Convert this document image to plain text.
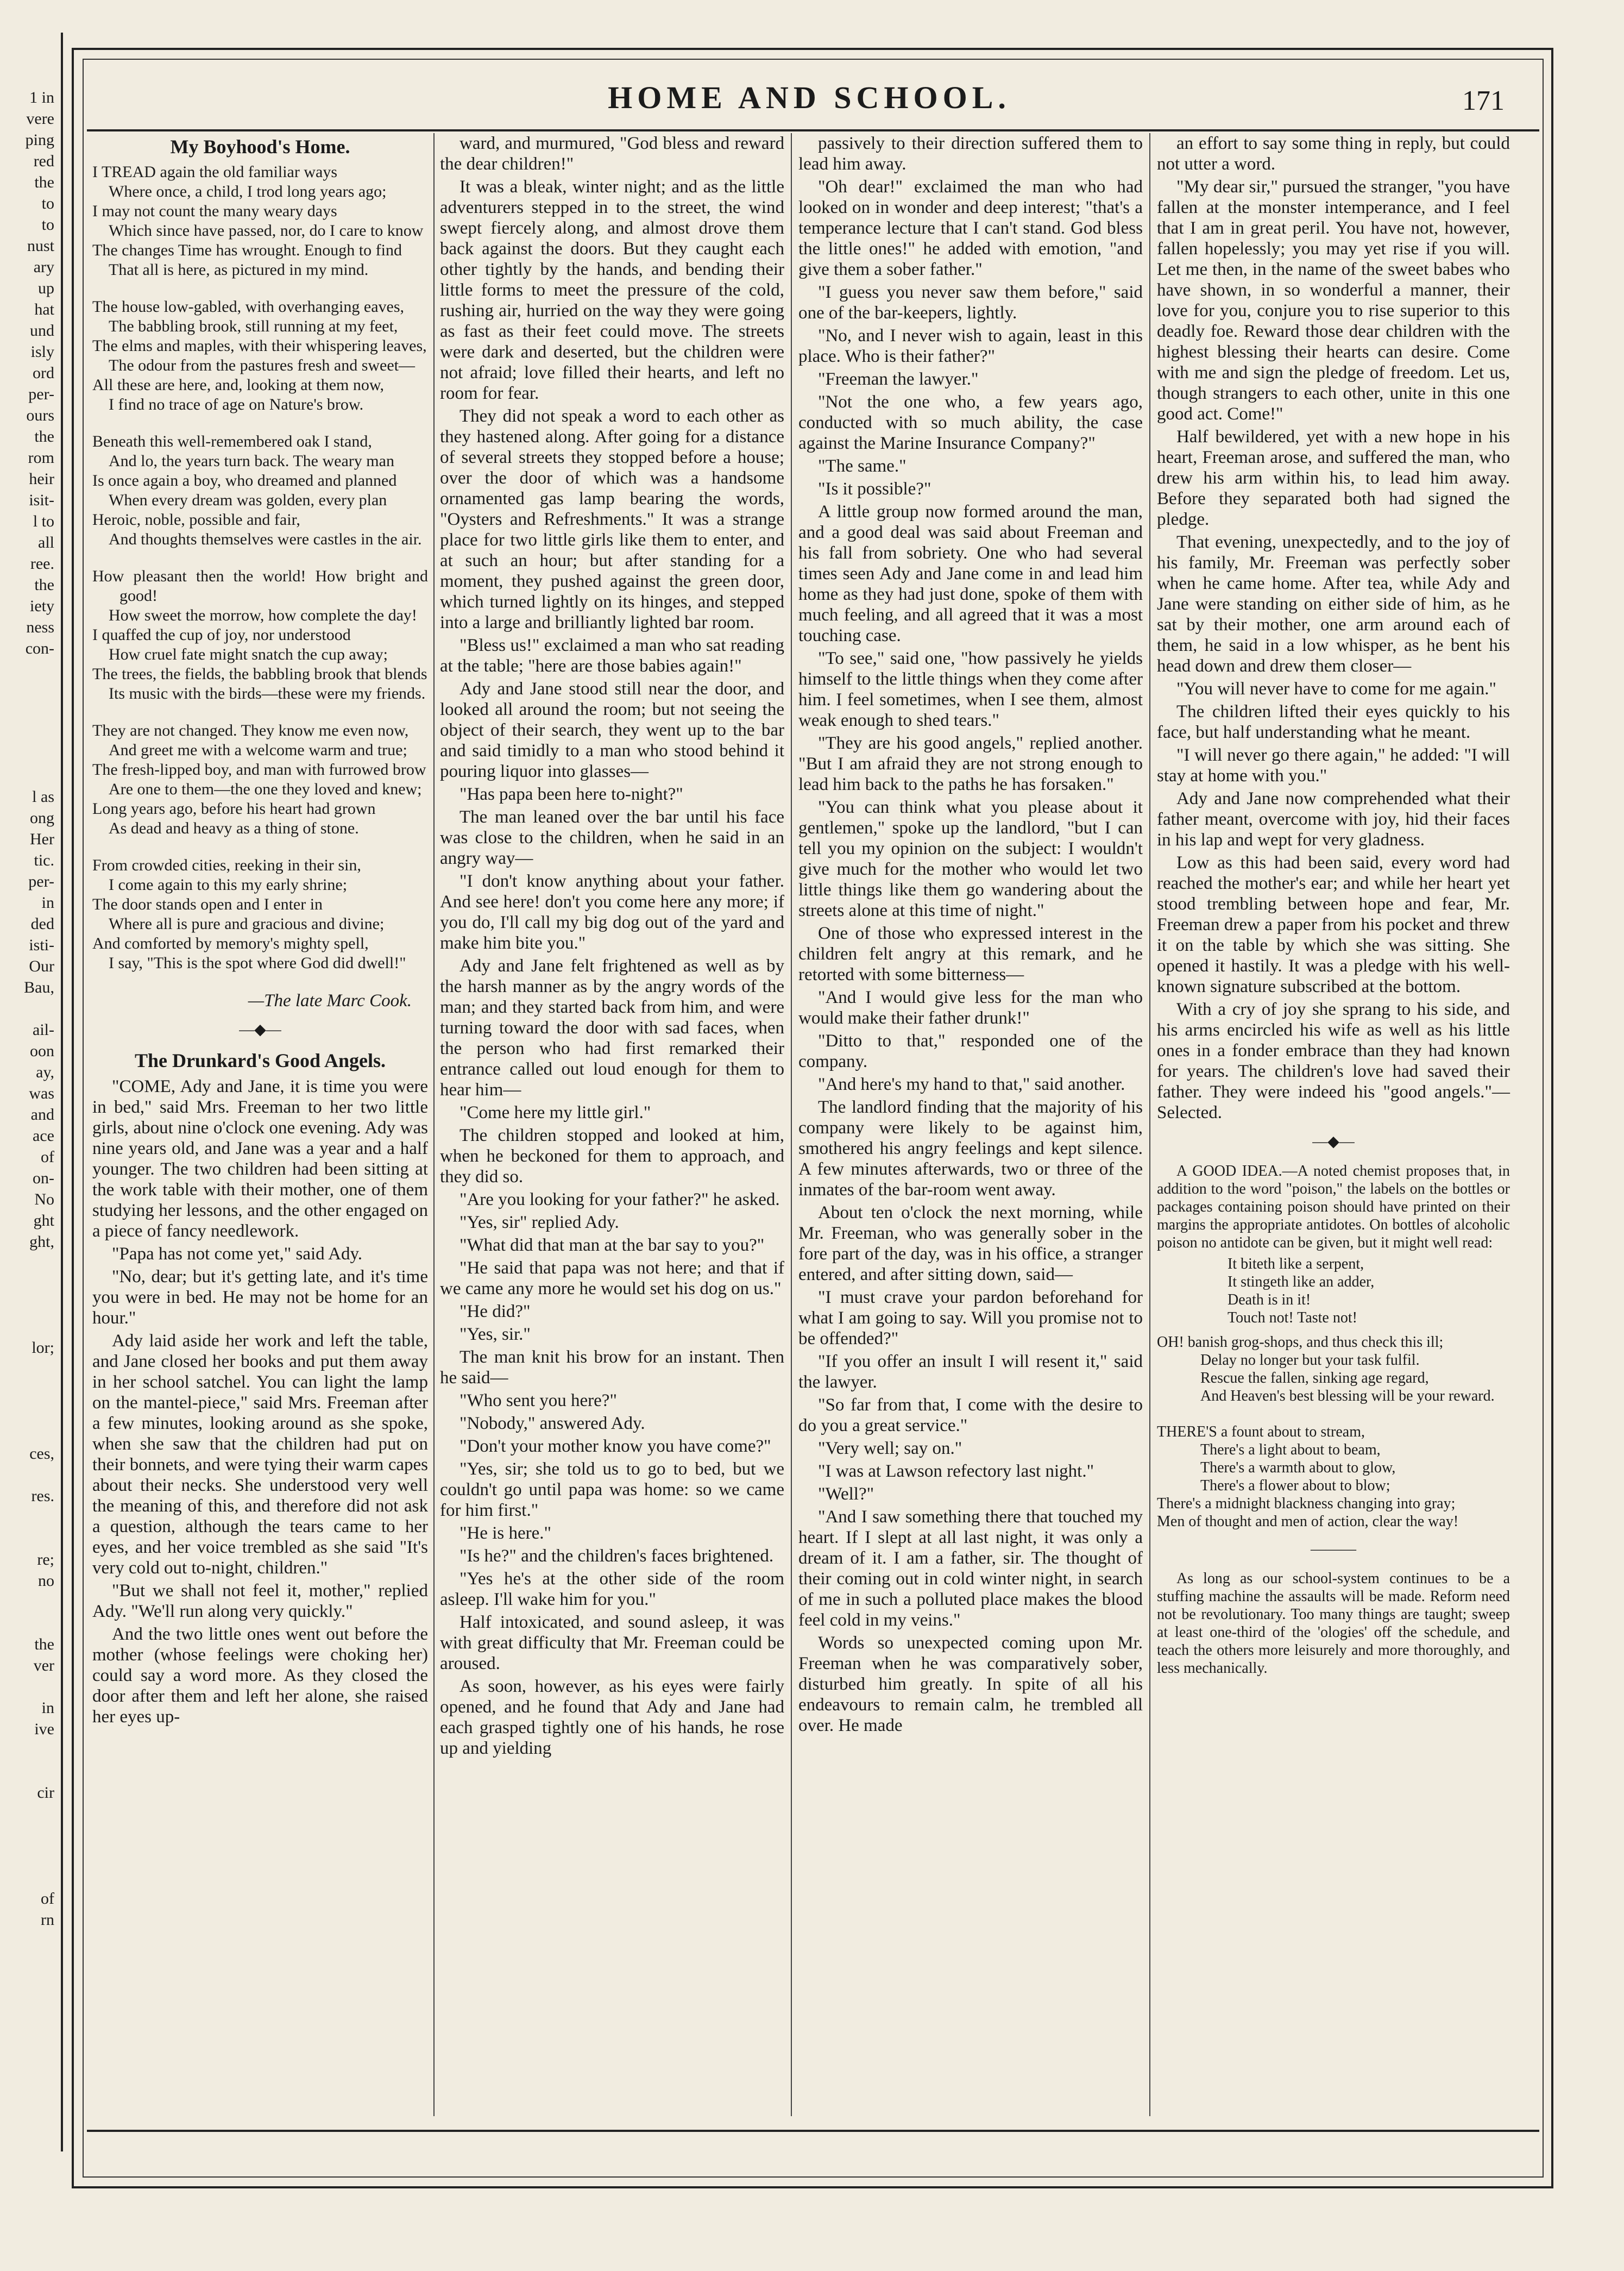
1 in
vere
ping
red
the
to
to
nust
ary
up
hat
und
isly
ord
per-
ours
the
rom
heir
isit-
l to
all
ree.
the
iety
ness
con-
l as
ong
Her
tic.
per-
in
ded
isti-
Our
Bau,
ail-
oon
ay,
was
and
ace
of
on-
No
ght
ght,
lor;
ces,
res.
re;
no
the
ver
in
ive
cir
of
rn
HOME AND SCHOOL.	171
My Boyhood's Home.
I TREAD again the old familiar ways
Where once, a child, I trod long years ago;
I may not count the many weary days
Which since have passed, nor, do I care to know
The changes Time has wrought. Enough to find
That all is here, as pictured in my mind.
The house low-gabled, with overhanging eaves,
The babbling brook, still running at my feet,
The elms and maples, with their whispering leaves,
The odour from the pastures fresh and sweet—
All these are here, and, looking at them now,
I find no trace of age on Nature's brow.
Beneath this well-remembered oak I stand,
And lo, the years turn back. The weary man
Is once again a boy, who dreamed and planned
When every dream was golden, every plan
Heroic, noble, possible and fair,
And thoughts themselves were castles in the air.
How pleasant then the world! How bright and good!
How sweet the morrow, how complete the day!
I quaffed the cup of joy, nor understood
How cruel fate might snatch the cup away;
The trees, the fields, the babbling brook that blends
Its music with the birds—these were my friends.
They are not changed. They know me even now,
And greet me with a welcome warm and true;
The fresh-lipped boy, and man with furrowed brow
Are one to them—the one they loved and knew;
Long years ago, before his heart had grown
As dead and heavy as a thing of stone.
From crowded cities, reeking in their sin,
I come again to this my early shrine;
The door stands open and I enter in
Where all is pure and gracious and divine;
And comforted by memory's mighty spell,
I say, "This is the spot where God did dwell!"
—The late Marc Cook.
—◆—
The Drunkard's Good Angels.

"COME, Ady and Jane, it is time you were in bed," said Mrs. Freeman to her two little girls, about nine o'clock one evening. Ady was nine years old, and Jane was a year and a half younger. The two children had been sitting at the work table with their mother, one of them studying her lessons, and the other engaged on a piece of fancy needlework.

"Papa has not come yet," said Ady.

"No, dear; but it's getting late, and it's time you were in bed. He may not be home for an hour."

Ady laid aside her work and left the table, and Jane closed her books and put them away in her school satchel. You can light the lamp on the mantel-piece," said Mrs. Freeman after a few minutes, looking around as she spoke, when she saw that the children had put on their bonnets, and were tying their warm capes about their necks. She understood very well the meaning of this, and therefore did not ask a question, although the tears came to her eyes, and her voice trembled as she said "It's very cold out to-night, children."

"But we shall not feel it, mother," replied Ady. "We'll run along very quickly."

And the two little ones went out before the mother (whose feelings were choking her) could say a word more. As they closed the door after them and left her alone, she raised her eyes up-

ward, and murmured, "God bless and reward the dear children!"

It was a bleak, winter night; and as the little adventurers stepped in to the street, the wind swept fiercely along, and almost drove them back against the doors. But they caught each other tightly by the hands, and bending their little forms to meet the pressure of the cold, rushing air, hurried on the way they were going as fast as their feet could move. The streets were dark and deserted, but the children were not afraid; love filled their hearts, and left no room for fear.

They did not speak a word to each other as they hastened along. After going for a distance of several streets they stopped before a house; over the door of which was a handsome ornamented gas lamp bearing the words, "Oysters and Refreshments." It was a strange place for two little girls like them to enter, and at such an hour; but after standing for a moment, they pushed against the green door, which turned lightly on its hinges, and stepped into a large and brilliantly lighted bar room.

"Bless us!" exclaimed a man who sat reading at the table; "here are those babies again!"

Ady and Jane stood still near the door, and looked all around the room; but not seeing the object of their search, they went up to the bar and said timidly to a man who stood behind it pouring liquor into glasses—

"Has papa been here to-night?"

The man leaned over the bar until his face was close to the children, when he said in an angry way—

"I don't know anything about your father. And see here! don't you come here any more; if you do, I'll call my big dog out of the yard and make him bite you."

Ady and Jane felt frightened as well as by the harsh manner as by the angry words of the man; and they started back from him, and were turning toward the door with sad faces, when the person who had first remarked their entrance called out loud enough for them to hear him—

"Come here my little girl."

The children stopped and looked at him, when he beckoned for them to approach, and they did so.

"Are you looking for your father?" he asked.

"Yes, sir" replied Ady.

"What did that man at the bar say to you?"

"He said that papa was not here; and that if we came any more he would set his dog on us."

"He did?"

"Yes, sir."

The man knit his brow for an instant. Then he said—

"Who sent you here?"

"Nobody," answered Ady.

"Don't your mother know you have come?"

"Yes, sir; she told us to go to bed, but we couldn't go until papa was home: so we came for him first."

"He is here."

"Is he?" and the children's faces brightened.

"Yes he's at the other side of the room asleep. I'll wake him for you."

Half intoxicated, and sound asleep, it was with great difficulty that Mr. Freeman could be aroused.

As soon, however, as his eyes were fairly opened, and he found that Ady and Jane had each grasped tightly one of his hands, he rose up and yielding

passively to their direction suffered them to lead him away.

"Oh dear!" exclaimed the man who had looked on in wonder and deep interest; "that's a temperance lecture that I can't stand. God bless the little ones!" he added with emotion, "and give them a sober father."

"I guess you never saw them before," said one of the bar-keepers, lightly.

"No, and I never wish to again, least in this place. Who is their father?"

"Freeman the lawyer."

"Not the one who, a few years ago, conducted with so much ability, the case against the Marine Insurance Company?"

"The same."

"Is it possible?"

A little group now formed around the man, and a good deal was said about Freeman and his fall from sobriety. One who had several times seen Ady and Jane come in and lead him home as they had just done, spoke of them with much feeling, and all agreed that it was a most touching case.

"To see," said one, "how passively he yields himself to the little things when they come after him. I feel sometimes, when I see them, almost weak enough to shed tears."

"They are his good angels," replied another. "But I am afraid they are not strong enough to lead him back to the paths he has forsaken."

"You can think what you please about it gentlemen," spoke up the landlord, "but I can tell you my opinion on the subject: I wouldn't give much for the mother who would let two little things like them go wandering about the streets alone at this time of night."

One of those who expressed interest in the children felt angry at this remark, and he retorted with some bitterness—

"And I would give less for the man who would make their father drunk!"

"Ditto to that," responded one of the company.

"And here's my hand to that," said another.

The landlord finding that the majority of his company were likely to be against him, smothered his angry feelings and kept silence. A few minutes afterwards, two or three of the inmates of the bar-room went away.

About ten o'clock the next morning, while Mr. Freeman, who was generally sober in the fore part of the day, was in his office, a stranger entered, and after sitting down, said—

"I must crave your pardon beforehand for what I am going to say. Will you promise not to be offended?"

"If you offer an insult I will resent it," said the lawyer.

"So far from that, I come with the desire to do you a great service."

"Very well; say on."

"I was at Lawson refectory last night."

"Well?"

"And I saw something there that touched my heart. If I slept at all last night, it was only a dream of it. I am a father, sir. The thought of their coming out in cold winter night, in search of me in such a polluted place makes the blood feel cold in my veins."

Words so unexpected coming upon Mr. Freeman when he was comparatively sober, disturbed him greatly. In spite of all his endeavours to remain calm, he trembled all over. He made

an effort to say some thing in reply, but could not utter a word.

"My dear sir," pursued the stranger, "you have fallen at the monster intemperance, and I feel that I am in great peril. You have not, however, fallen hopelessly; you may yet rise if you will. Let me then, in the name of the sweet babes who have shown, in so wonderful a manner, their love for you, conjure you to rise superior to this deadly foe. Reward those dear children with the highest blessing their hearts can desire. Come with me and sign the pledge of freedom. Let us, though strangers to each other, unite in this one good act. Come!"

Half bewildered, yet with a new hope in his heart, Freeman arose, and suffered the man, who drew his arm within his, to lead him away. Before they separated both had signed the pledge.

That evening, unexpectedly, and to the joy of his family, Mr. Freeman was perfectly sober when he came home. After tea, while Ady and Jane were standing on either side of him, as he sat by their mother, one arm around each of them, he said in a low whisper, as he bent his head down and drew them closer—

"You will never have to come for me again."

The children lifted their eyes quickly to his face, but half understanding what he meant.

"I will never go there again," he added: "I will stay at home with you."

Ady and Jane now comprehended what their father meant, overcome with joy, hid their faces in his lap and wept for very gladness.

Low as this had been said, every word had reached the mother's ear; and while her heart yet stood trembling between hope and fear, Mr. Freeman drew a paper from his pocket and threw it on the table by which she was sitting. She opened it hastily. It was a pledge with his well-known signature subscribed at the bottom.

With a cry of joy she sprang to his side, and his arms encircled his wife as well as his little ones in a fonder embrace than they had known for years. The children's love had saved their father. They were indeed his "good angels."—Selected.

—◆—

A GOOD IDEA.—A noted chemist proposes that, in addition to the word "poison," the labels on the bottles or packages containing poison should have printed on their margins the appropriate antidotes. On bottles of alcoholic poison no antidote can be given, but it might well read:

It biteth like a serpent,
It stingeth like an adder,
Death is in it!
Touch not! Taste not!
OH! banish grog-shops, and thus check this ill;
Delay no longer but your task fulfil.
Rescue the fallen, sinking age regard,
And Heaven's best blessing will be your reward.

THERE'S a fount about to stream,
There's a light about to beam,
There's a warmth about to glow,
There's a flower about to blow;
There's a midnight blackness changing into gray;
Men of thought and men of action, clear the way!
———

As long as our school-system continues to be a stuffing machine the assaults will be made. Reform need not be revolutionary. Too many things are taught; sweep at least one-third of the 'ologies' off the schedule, and teach the others more leisurely and more thoroughly, and less mechanically.
